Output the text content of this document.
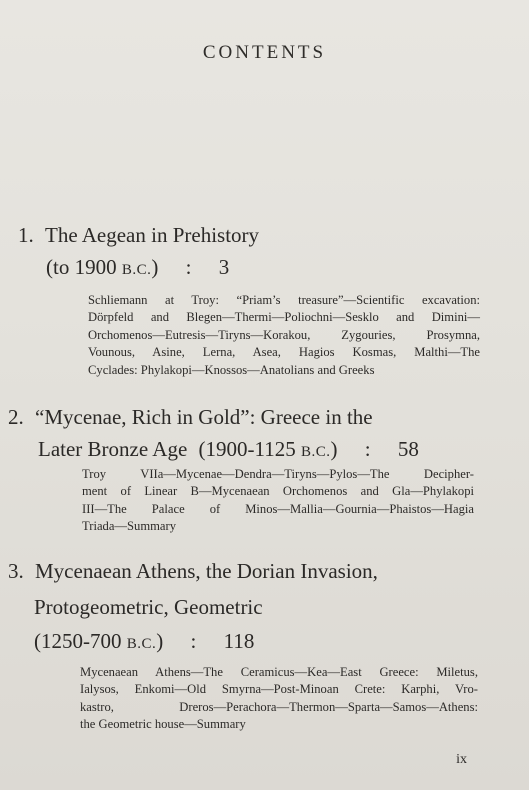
CONTENTS
1. The Aegean in Prehistory
(to 1900 B.C.) : 3
Schliemann at Troy: “Priam’s treasure”—Scientific excavation:
Dörpfeld and Blegen—Thermi—Poliochni—Sesklo and Dimini—
Orchomenos—Eutresis—Tiryns—Korakou, Zygouries, Prosymna,
Vounous, Asine, Lerna, Asea, Hagios Kosmas, Malthi—The
Cyclades: Phylakopi—Knossos—Anatolians and Greeks
2. “Mycenae, Rich in Gold”: Greece in the
Later Bronze Age (1900-1125 B.C.) : 58
Troy VIIa—Mycenae—Dendra—Tiryns—Pylos—The Decipher-
ment of Linear B—Mycenaean Orchomenos and Gla—Phylakopi
III—The Palace of Minos—Mallia—Gournia—Phaistos—Hagia
Triada—Summary
3. Mycenaean Athens, the Dorian Invasion,
Protogeometric, Geometric
(1250-700 B.C.) : 118
Mycenaean Athens—The Ceramicus—Kea—East Greece: Miletus,
Ialysos, Enkomi—Old Smyrna—Post-Minoan Crete: Karphi, Vro-
kastro, Dreros—Perachora—Thermon—Sparta—Samos—Athens:
the Geometric house—Summary
ix
